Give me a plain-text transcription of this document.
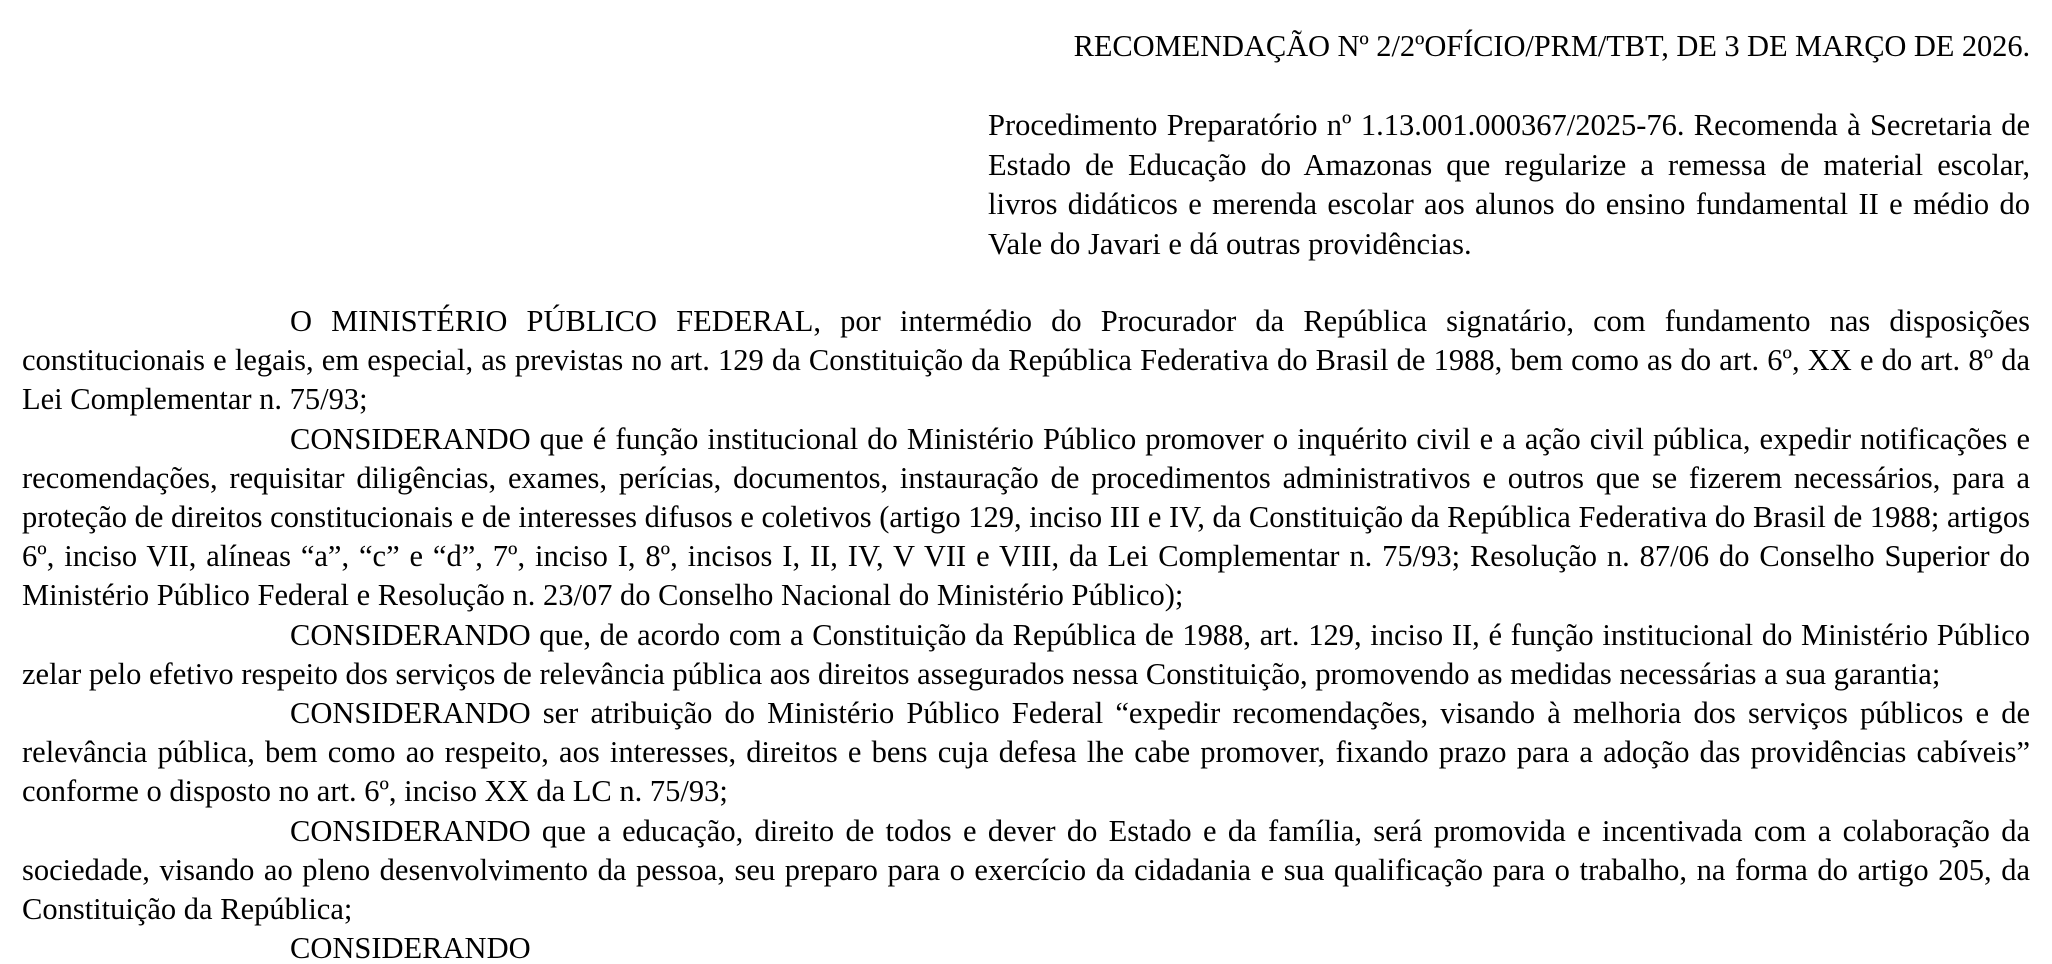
RECOMENDAÇÃO Nº 2/2ºOFÍCIO/PRM/TBT, DE 3 DE MARÇO DE 2026.
Procedimento Preparatório nº 1.13.001.000367/2025-76. Recomenda à Secretaria de Estado de Educação do Amazonas que regularize a remessa de material escolar, livros didáticos e merenda escolar aos alunos do ensino fundamental II e médio do Vale do Javari e dá outras providências.

O MINISTÉRIO PÚBLICO FEDERAL, por intermédio do Procurador da República signatário, com fundamento nas disposições constitucionais e legais, em especial, as previstas no art. 129 da Constituição da República Federativa do Brasil de 1988, bem como as do art. 6º, XX e do art. 8º da Lei Complementar n. 75/93;

CONSIDERANDO que é função institucional do Ministério Público promover o inquérito civil e a ação civil pública, expedir notificações e recomendações, requisitar diligências, exames, perícias, documentos, instauração de procedimentos administrativos e outros que se fizerem necessários, para a proteção de direitos constitucionais e de interesses difusos e coletivos (artigo 129, inciso III e IV, da Constituição da República Federativa do Brasil de 1988; artigos 6º, inciso VII, alíneas “a”, “c” e “d”, 7º, inciso I, 8º, incisos I, II, IV, V VII e VIII, da Lei Complementar n. 75/93; Resolução n. 87/06 do Conselho Superior do Ministério Público Federal e Resolução n. 23/07 do Conselho Nacional do Ministério Público);

CONSIDERANDO que, de acordo com a Constituição da República de 1988, art. 129, inciso II, é função institucional do Ministério Público zelar pelo efetivo respeito dos serviços de relevância pública aos direitos assegurados nessa Constituição, promovendo as medidas necessárias a sua garantia;

CONSIDERANDO ser atribuição do Ministério Público Federal “expedir recomendações, visando à melhoria dos serviços públicos e de relevância pública, bem como ao respeito, aos interesses, direitos e bens cuja defesa lhe cabe promover, fixando prazo para a adoção das providências cabíveis” conforme o disposto no art. 6º, inciso XX da LC n. 75/93;

CONSIDERANDO que a educação, direito de todos e dever do Estado e da família, será promovida e incentivada com a colaboração da sociedade, visando ao pleno desenvolvimento da pessoa, seu preparo para o exercício da cidadania e sua qualificação para o trabalho, na forma do artigo 205, da Constituição da República;

CONSIDERANDO
